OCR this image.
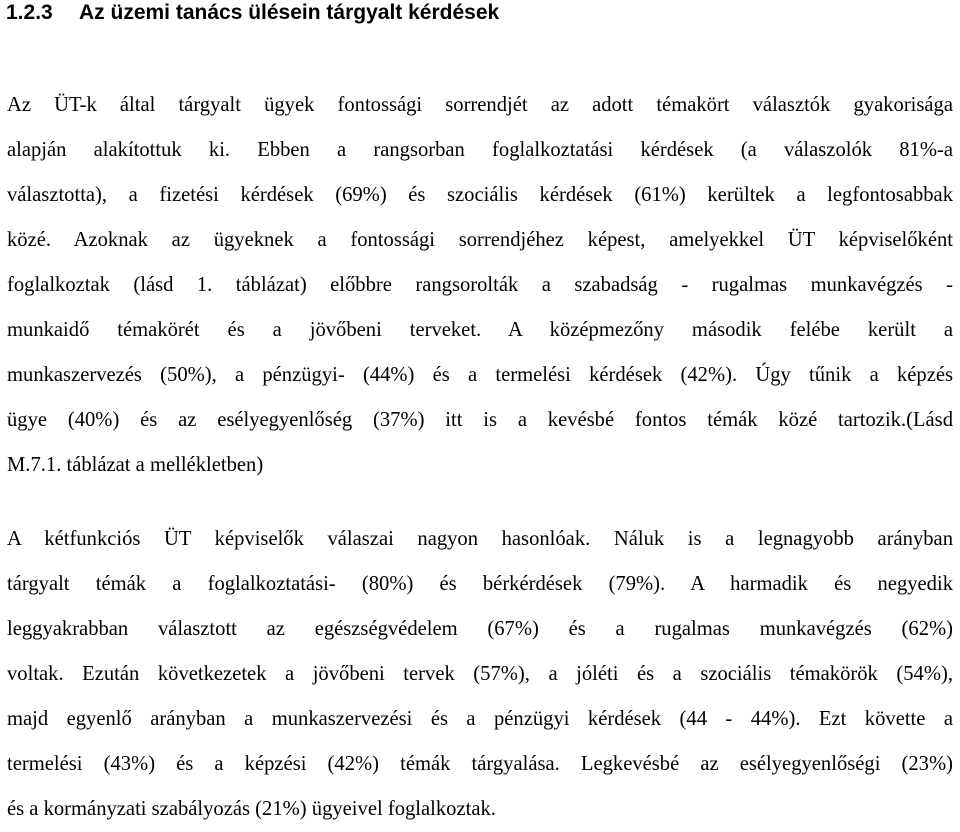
1.2.3 Az üzemi tanács ülésein tárgyalt kérdések
Az ÜT-k által tárgyalt ügyek fontossági sorrendjét az adott témakört választók gyakorisága
alapján alakítottuk ki. Ebben a rangsorban foglalkoztatási kérdések (a válaszolók 81%-a
választotta), a fizetési kérdések (69%) és szociális kérdések (61%) kerültek a legfontosabbak
közé. Azoknak az ügyeknek a fontossági sorrendjéhez képest, amelyekkel ÜT képviselőként
foglalkoztak (lásd 1. táblázat) előbbre rangsorolták a szabadság - rugalmas munkavégzés -
munkaidő témakörét és a jövőbeni terveket. A középmezőny második felébe került a
munkaszervezés (50%), a pénzügyi- (44%) és a termelési kérdések (42%). Úgy tűnik a képzés
ügye (40%) és az esélyegyenlőség (37%) itt is a kevésbé fontos témák közé tartozik.(Lásd
M.7.1. táblázat a mellékletben)
A kétfunkciós ÜT képviselők válaszai nagyon hasonlóak. Náluk is a legnagyobb arányban
tárgyalt témák a foglalkoztatási- (80%) és bérkérdések (79%). A harmadik és negyedik
leggyakrabban választott az egészségvédelem (67%) és a rugalmas munkavégzés (62%)
voltak. Ezután következetek a jövőbeni tervek (57%), a jóléti és a szociális témakörök (54%),
majd egyenlő arányban a munkaszervezési és a pénzügyi kérdések (44 - 44%). Ezt követte a
termelési (43%) és a képzési (42%) témák tárgyalása. Legkevésbé az esélyegyenlőségi (23%)
és a kormányzati szabályozás (21%) ügyeivel foglalkoztak.
